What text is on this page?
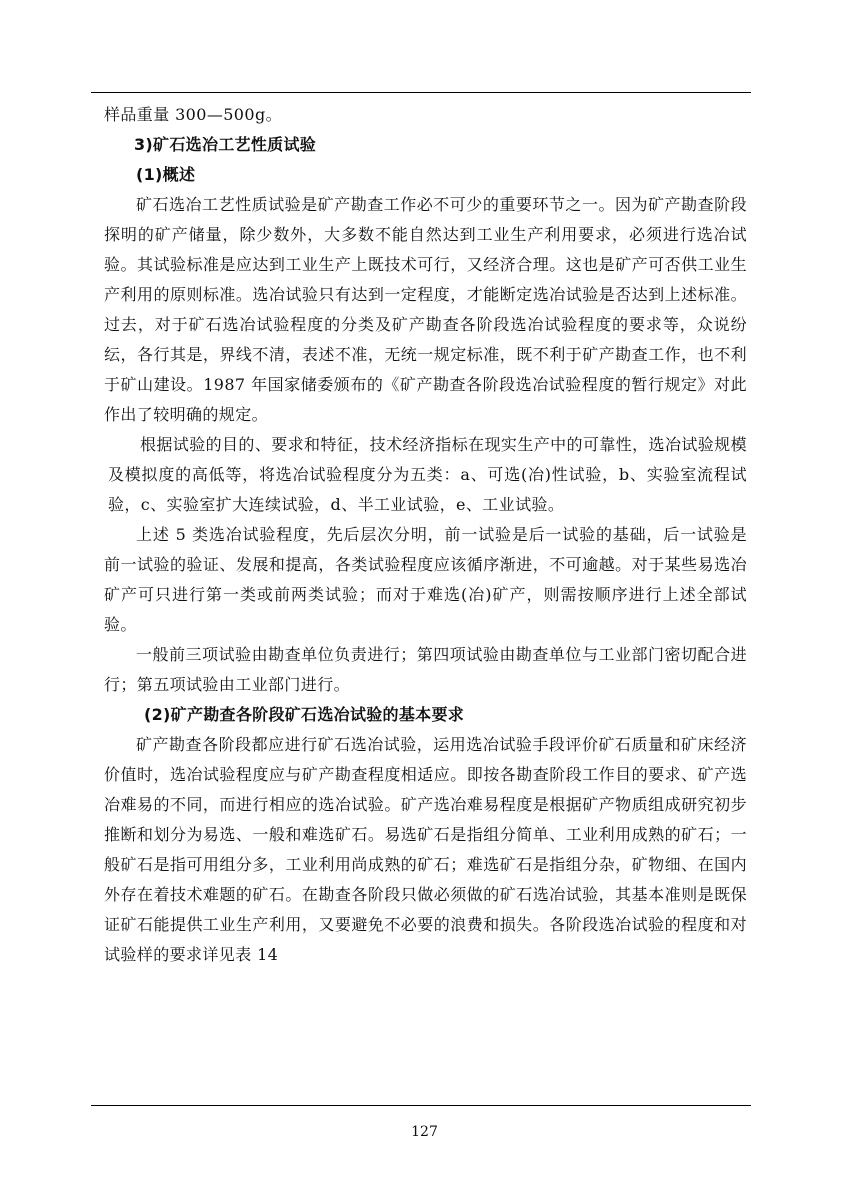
样品重量 300—500g。

3)矿石选冶工艺性质试验

(1)概述

矿石选冶工艺性质试验是矿产勘查工作必不可少的重要环节之一。因为矿产勘查阶段探明的矿产储量，除少数外，大多数不能自然达到工业生产利用要求，必须进行选冶试验。其试验标准是应达到工业生产上既技术可行，又经济合理。这也是矿产可否供工业生产利用的原则标准。选冶试验只有达到一定程度，才能断定选冶试验是否达到上述标准。过去，对于矿石选冶试验程度的分类及矿产勘查各阶段选冶试验程度的要求等，众说纷纭，各行其是，界线不清，表述不准，无统一规定标准，既不利于矿产勘查工作，也不利于矿山建设。1987 年国家储委颁布的《矿产勘查各阶段选冶试验程度的暂行规定》对此作出了较明确的规定。

根据试验的目的、要求和特征，技术经济指标在现实生产中的可靠性，选冶试验规模及模拟度的高低等，将选冶试验程度分为五类：a、可选(冶)性试验，b、实验室流程试验，c、实验室扩大连续试验，d、半工业试验，e、工业试验。

上述 5 类选冶试验程度，先后层次分明，前一试验是后一试验的基础，后一试验是前一试验的验证、发展和提高，各类试验程度应该循序渐进，不可逾越。对于某些易选冶矿产可只进行第一类或前两类试验；而对于难选(冶)矿产，则需按顺序进行上述全部试验。

一般前三项试验由勘查单位负责进行；第四项试验由勘查单位与工业部门密切配合进行；第五项试验由工业部门进行。

(2)矿产勘查各阶段矿石选冶试验的基本要求

矿产勘查各阶段都应进行矿石选冶试验，运用选冶试验手段评价矿石质量和矿床经济价值时，选冶试验程度应与矿产勘查程度相适应。即按各勘查阶段工作目的要求、矿产选冶难易的不同，而进行相应的选冶试验。矿产选冶难易程度是根据矿产物质组成研究初步推断和划分为易选、一般和难选矿石。易选矿石是指组分简单、工业利用成熟的矿石；一般矿石是指可用组分多，工业利用尚成熟的矿石；难选矿石是指组分杂，矿物细、在国内外存在着技术难题的矿石。在勘查各阶段只做必须做的矿石选冶试验，其基本准则是既保证矿石能提供工业生产利用，又要避免不必要的浪费和损失。各阶段选冶试验的程度和对试验样的要求详见表 14

127
